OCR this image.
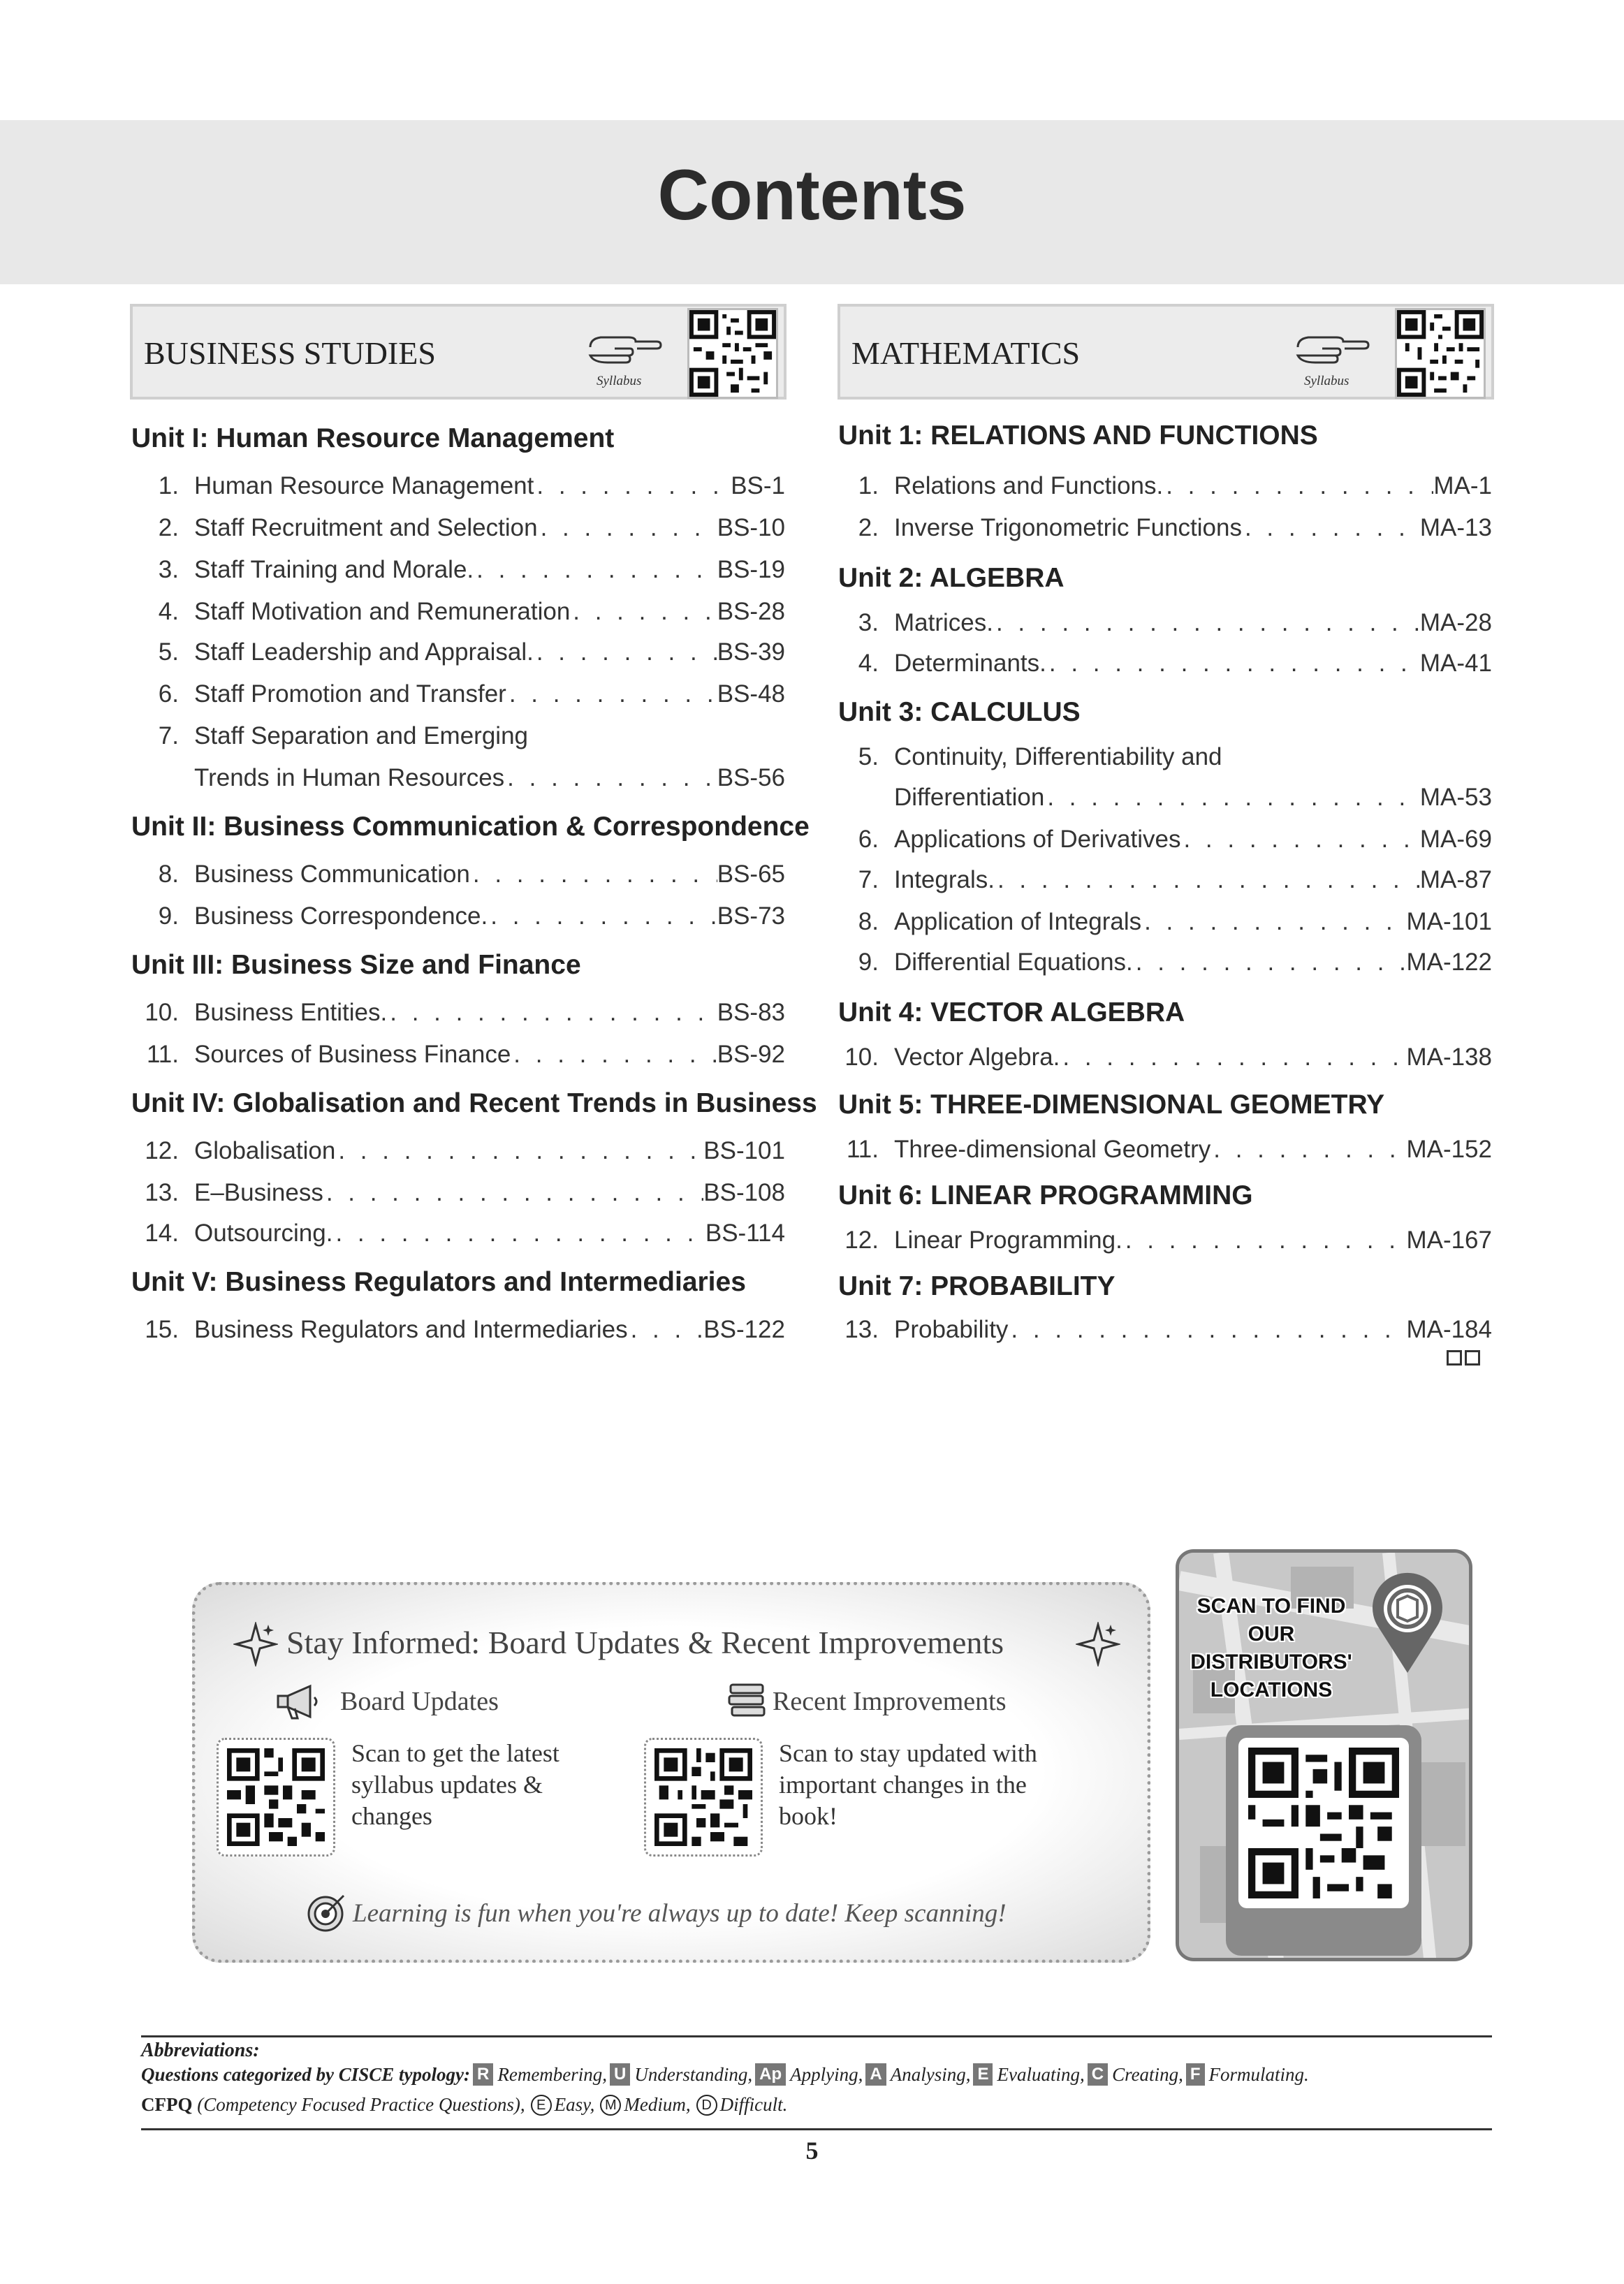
Contents
BUSINESS STUDIES
Syllabus
MATHEMATICS
Syllabus
Unit I: Human Resource Management
1. Human Resource Management . . .	BS-1
2. Staff Recruitment and Selection . . .	BS-10
3. Staff Training and Morale. . . .	BS-19
4. Staff Motivation and Remuneration . . .	BS-28
5. Staff Leadership and Appraisal. . . .	BS-39
6. Staff Promotion and Transfer . . .	BS-48
7. Staff Separation and Emerging
Trends in Human Resources . . .	BS-56
Unit II: Business Communication & Correspondence
8. Business Communication . . .	BS-65
9. Business Correspondence. . . .	BS-73
Unit III: Business Size and Finance
10. Business Entities. . . .	BS-83
11. Sources of Business Finance . . .	BS-92
Unit IV: Globalisation and Recent Trends in Business
12. Globalisation . . .	BS-101
13. E–Business . . .	BS-108
14. Outsourcing. . . .	BS-114
Unit V: Business Regulators and Intermediaries
15. Business Regulators and Intermediaries . . .	BS-122
Unit 1: RELATIONS AND FUNCTIONS
1. Relations and Functions. . . .	MA-1
2. Inverse Trigonometric Functions . . .	MA-13
Unit 2: ALGEBRA
3. Matrices. . . .	MA-28
4. Determinants. . . .	MA-41
Unit 3: CALCULUS
5. Continuity, Differentiability and
Differentiation . . .	MA-53
6. Applications of Derivatives . . .	MA-69
7. Integrals. . . .	MA-87
8. Application of Integrals . . .	MA-101
9. Differential Equations. . . .	MA-122
Unit 4: VECTOR ALGEBRA
10. Vector Algebra. . . .	MA-138
Unit 5: THREE-DIMENSIONAL GEOMETRY
11. Three-dimensional Geometry . . .	MA-152
Unit 6: LINEAR PROGRAMMING
12. Linear Programming. . . .	MA-167
Unit 7: PROBABILITY
13. Probability . . .	MA-184
Stay Informed: Board Updates & Recent Improvements
Board Updates	Recent Improvements
Scan to get the latest syllabus updates & changes
Scan to stay updated with important changes in the book!
Learning is fun when you're always up to date! Keep scanning!
SCAN TO FIND OUR DISTRIBUTORS' LOCATIONS
Abbreviations:
Questions categorized by CISCE typology: R Remembering, U Understanding, Ap Applying, A Analysing, E Evaluating, C Creating, F Formulating.
CFPQ
(Competency Focused Practice Questions), E Easy, M Medium, D Difficult.
5
